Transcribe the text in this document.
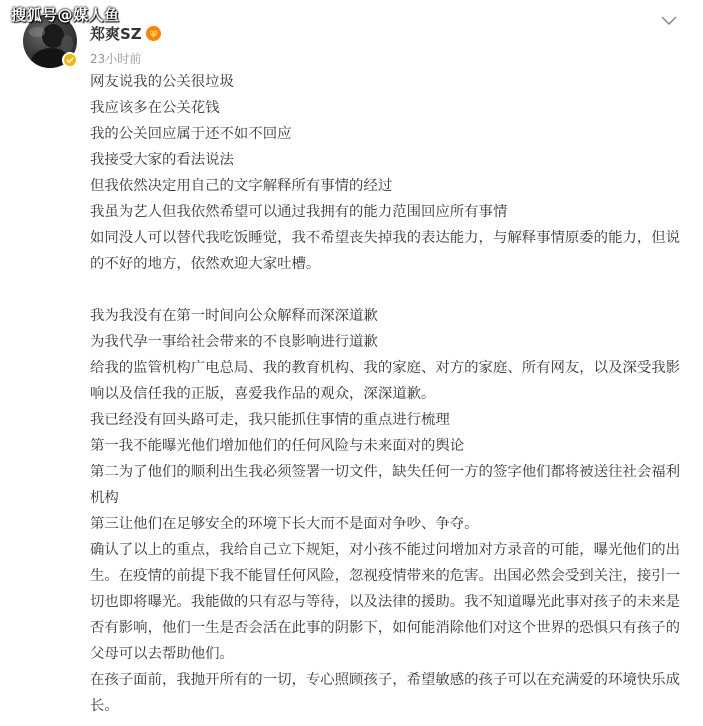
搜狐号@媒人鱼
郑爽SZ
23小时前

网友说我的公关很垃圾

我应该多在公关花钱

我的公关回应属于还不如不回应

我接受大家的看法说法

但我依然决定用自己的文字解释所有事情的经过

我虽为艺人但我依然希望可以通过我拥有的能力范围回应所有事情

如同没人可以替代我吃饭睡觉，我不希望丧失掉我的表达能力，与解释事情原委的能力，但说的不好的地方，依然欢迎大家吐槽。

我为我没有在第一时间向公众解释而深深道歉

为我代孕一事给社会带来的不良影响进行道歉

给我的监管机构广电总局、我的教育机构、我的家庭、对方的家庭、所有网友，以及深受我影响以及信任我的正版，喜爱我作品的观众，深深道歉。

我已经没有回头路可走，我只能抓住事情的重点进行梳理

第一我不能曝光他们增加他们的任何风险与未来面对的舆论

第二为了他们的顺利出生我必须签署一切文件，缺失任何一方的签字他们都将被送往社会福利机构

第三让他们在足够安全的环境下长大而不是面对争吵、争夺。

确认了以上的重点，我给自己立下规矩，对小孩不能过问增加对方录音的可能，曝光他们的出生。在疫情的前提下我不能冒任何风险，忽视疫情带来的危害。出国必然会受到关注，接引一切也即将曝光。我能做的只有忍与等待，以及法律的援助。我不知道曝光此事对孩子的未来是否有影响，他们一生是否会活在此事的阴影下，如何能消除他们对这个世界的恐惧只有孩子的父母可以去帮助他们。

在孩子面前，我抛开所有的一切，专心照顾孩子，希望敏感的孩子可以在充满爱的环境快乐成长。
